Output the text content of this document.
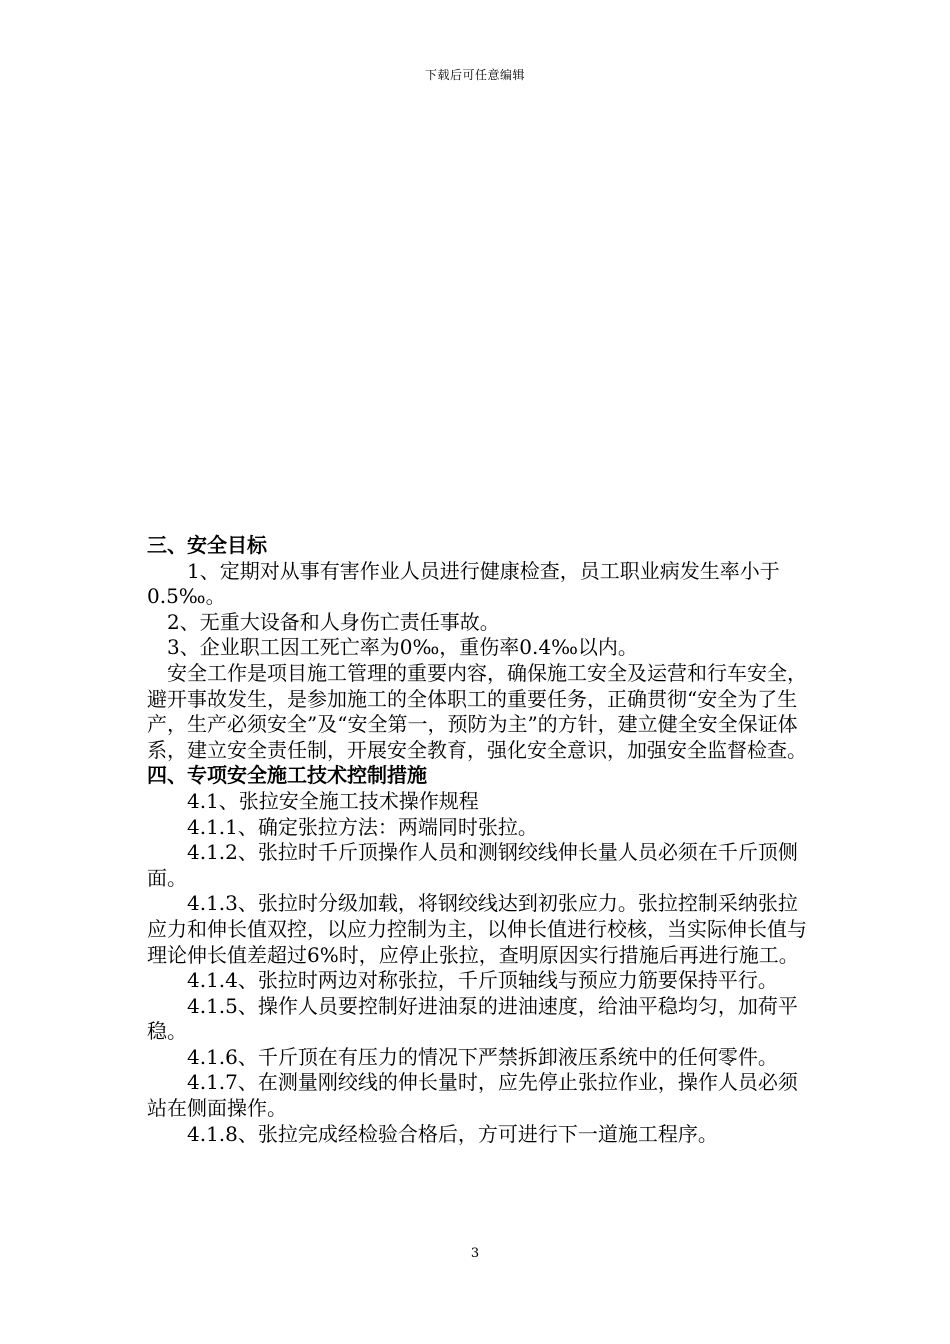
下载后可任意编辑

三、安全目标

1、定期对从事有害作业人员进行健康检查，员工职业病发生率小于0.5‰。

2、无重大设备和人身伤亡责任事故。

3、企业职工因工死亡率为0‰，重伤率0.4‰以内。

安全工作是项目施工管理的重要内容，确保施工安全及运营和行车安全，避开事故发生，是参加施工的全体职工的重要任务，正确贯彻“安全为了生产，生产必须安全”及“安全第一，预防为主”的方针，建立健全安全保证体系，建立安全责任制，开展安全教育，强化安全意识，加强安全监督检查。

四、专项安全施工技术控制措施

4.1、张拉安全施工技术操作规程

4.1.1、确定张拉方法：两端同时张拉。

4.1.2、张拉时千斤顶操作人员和测钢绞线伸长量人员必须在千斤顶侧面。

4.1.3、张拉时分级加载，将钢绞线达到初张应力。张拉控制采纳张拉应力和伸长值双控，以应力控制为主，以伸长值进行校核，当实际伸长值与理论伸长值差超过6%时，应停止张拉，查明原因实行措施后再进行施工。

4.1.4、张拉时两边对称张拉，千斤顶轴线与预应力筋要保持平行。

4.1.5、操作人员要控制好进油泵的进油速度，给油平稳均匀，加荷平稳。

4.1.6、千斤顶在有压力的情况下严禁拆卸液压系统中的任何零件。

4.1.7、在测量刚绞线的伸长量时，应先停止张拉作业，操作人员必须站在侧面操作。

4.1.8、张拉完成经检验合格后，方可进行下一道施工程序。

3
